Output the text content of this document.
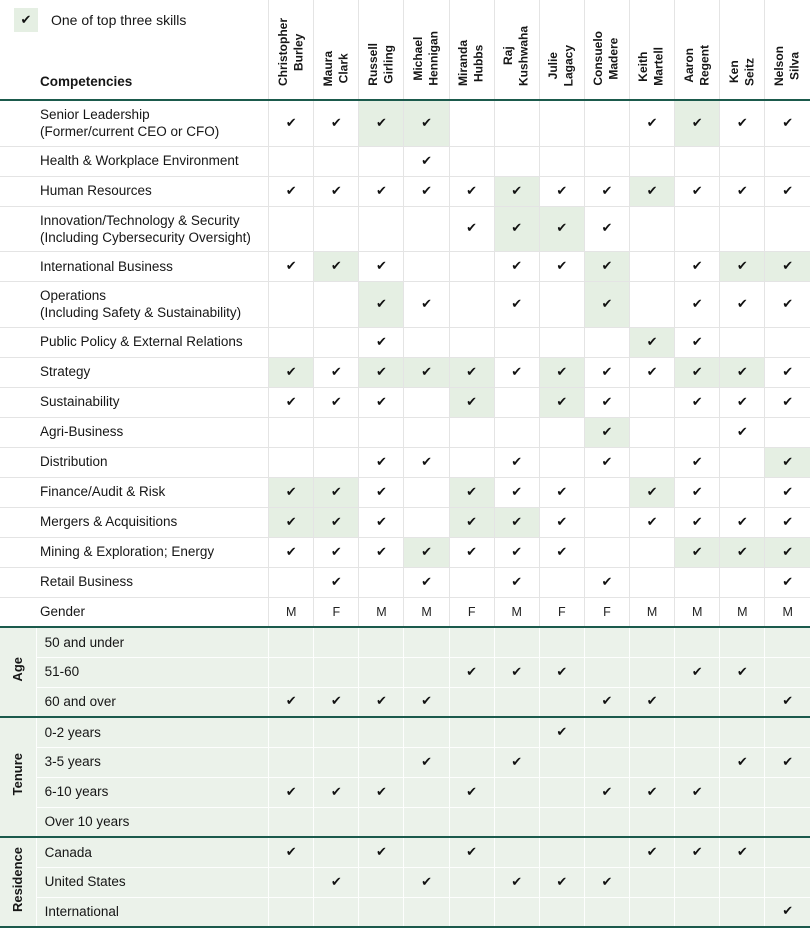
✔	One of top three skills
Competencies		Christopher Burley	Maura Clark	Russell Girling	Michael Hennigan	Miranda Hubbs	Raj Kushwaha	Julie Lagacy	Consuelo Madere	Keith Martell	Aaron Regent	Ken Seitz	Nelson Silva

Senior Leadership
(Former/current CEO or CFO)		✔	✔	✔	✔					✔	✔	✔	✔

Health & Workplace Environment					✔								

Human Resources		✔	✔	✔	✔	✔	✔	✔	✔	✔	✔	✔	✔

Innovation/Technology & Security
(Including Cybersecurity Oversight)						✔	✔	✔	✔				

International Business		✔	✔	✔			✔	✔	✔		✔	✔	✔

Operations
(Including Safety & Sustainability)				✔	✔		✔		✔		✔	✔	✔

Public Policy & External Relations				✔						✔	✔		

Strategy		✔	✔	✔	✔	✔	✔	✔	✔	✔	✔	✔	✔

Sustainability		✔	✔	✔		✔		✔	✔		✔	✔	✔

Agri-Business									✔			✔	

Distribution				✔	✔		✔		✔		✔		✔

Finance/Audit & Risk		✔	✔	✔		✔	✔	✔		✔	✔		✔

Mergers & Acquisitions		✔	✔	✔		✔	✔	✔		✔	✔	✔	✔

Mining & Exploration; Energy		✔	✔	✔	✔	✔	✔	✔			✔	✔	✔

Retail Business			✔		✔		✔		✔				✔

Gender		M	F	M	M	F	M	F	F	M	M	M	M
Age	50 and under												

	51-60					✔	✔	✔			✔	✔	

	60 and over	✔	✔	✔	✔				✔	✔			✔
Tenure	0-2 years							✔					

	3-5 years				✔		✔					✔	✔

	6-10 years	✔	✔	✔		✔			✔	✔	✔		

	Over 10 years												

Residence	Canada	✔		✔		✔				✔	✔	✔	

	United States		✔		✔		✔	✔	✔				

	International												✔
